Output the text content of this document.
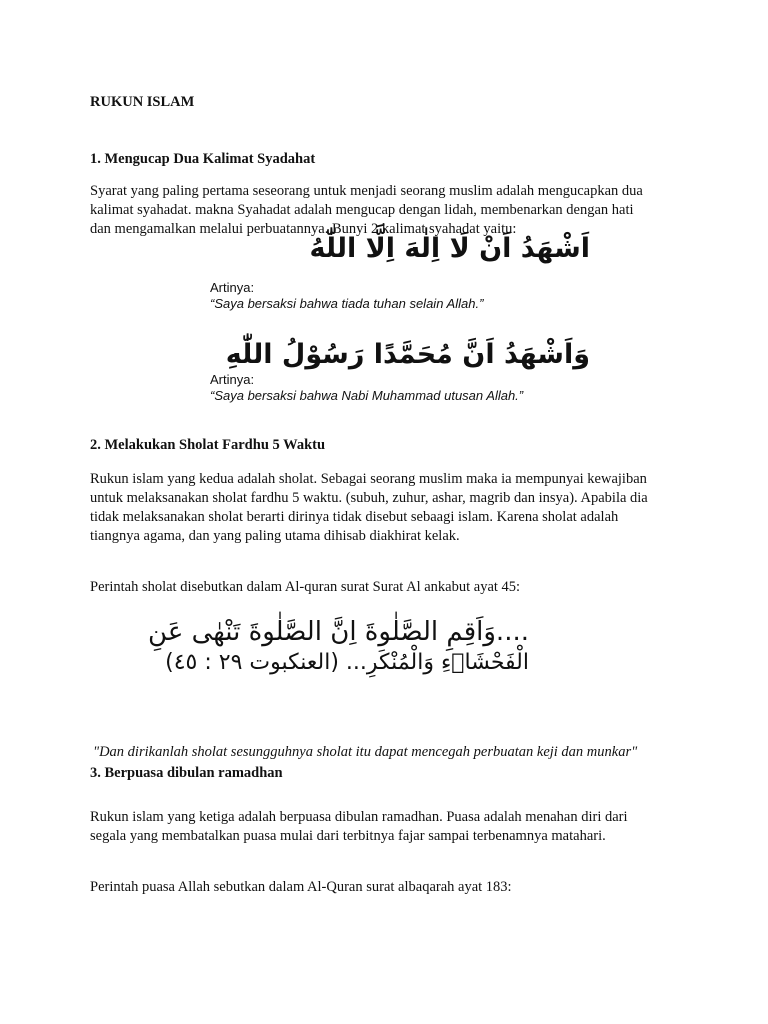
RUKUN ISLAM
1. Mengucap Dua Kalimat Syadahat

Syarat yang paling pertama seseorang untuk menjadi seorang muslim adalah mengucapkan dua
kalimat syahadat. makna Syahadat adalah mengucap dengan lidah, membenarkan dengan hati
dan mengamalkan melalui perbuatannya. Bunyi 2 kalimat syahadat yaitu:

اَشْهَدُ اَنْ لَا اِلٰهَ اِلَّا اللّٰهُ
Artinya:
“Saya bersaksi bahwa tiada tuhan selain Allah.”
وَاَشْهَدُ اَنَّ مُحَمَّدًا رَسُوْلُ اللّٰهِ
Artinya:
“Saya bersaksi bahwa Nabi Muhammad utusan Allah.”
2. Melakukan Sholat Fardhu 5 Waktu

Rukun islam yang kedua adalah sholat. Sebagai seorang muslim maka ia mempunyai kewajiban
untuk melaksanakan sholat fardhu 5 waktu. (subuh, zuhur, ashar, magrib dan insya). Apabila dia
tidak melaksanakan sholat berarti dirinya tidak disebut sebaagi islam. Karena sholat adalah
tiangnya agama, dan yang paling utama dihisab diakhirat kelak.

Perintah sholat disebutkan dalam Al-quran surat Surat Al ankabut ayat 45:

....وَاَقِمِ الصَّلٰوةَ اِنَّ الصَّلٰوةَ تَنْهٰى عَنِ
الْفَحْشَاۤءِ وَالْمُنْكَرِ... (العنكبوت ٢٩ : ٤٥)

"Dan dirikanlah sholat sesungguhnya sholat itu dapat mencegah perbuatan keji dan munkar"

3. Berpuasa dibulan ramadhan

Rukun islam yang ketiga adalah berpuasa dibulan ramadhan. Puasa adalah menahan diri dari
segala yang membatalkan puasa mulai dari terbitnya fajar sampai terbenamnya matahari.

Perintah puasa Allah sebutkan dalam Al-Quran surat albaqarah ayat 183:
